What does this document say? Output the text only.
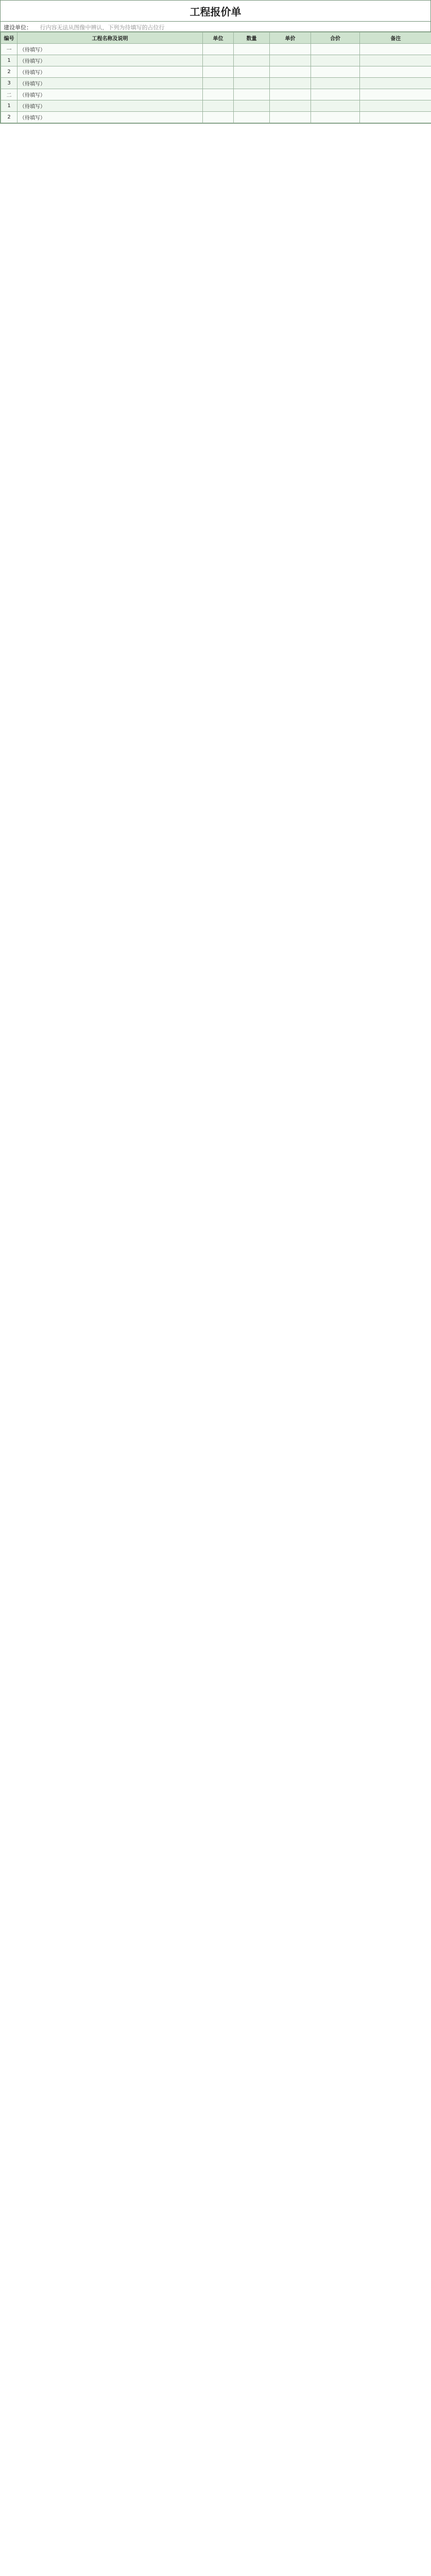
工程报价单
建设单位： 行内容无法从图像中辨认，下列为待填写的占位行
编号	工程名称及说明	单位	数量	单价	合价	备注
一	（待填写）					
1	（待填写）					
2	（待填写）					
3	（待填写）					
二	（待填写）					
1	（待填写）					
2	（待填写）					
